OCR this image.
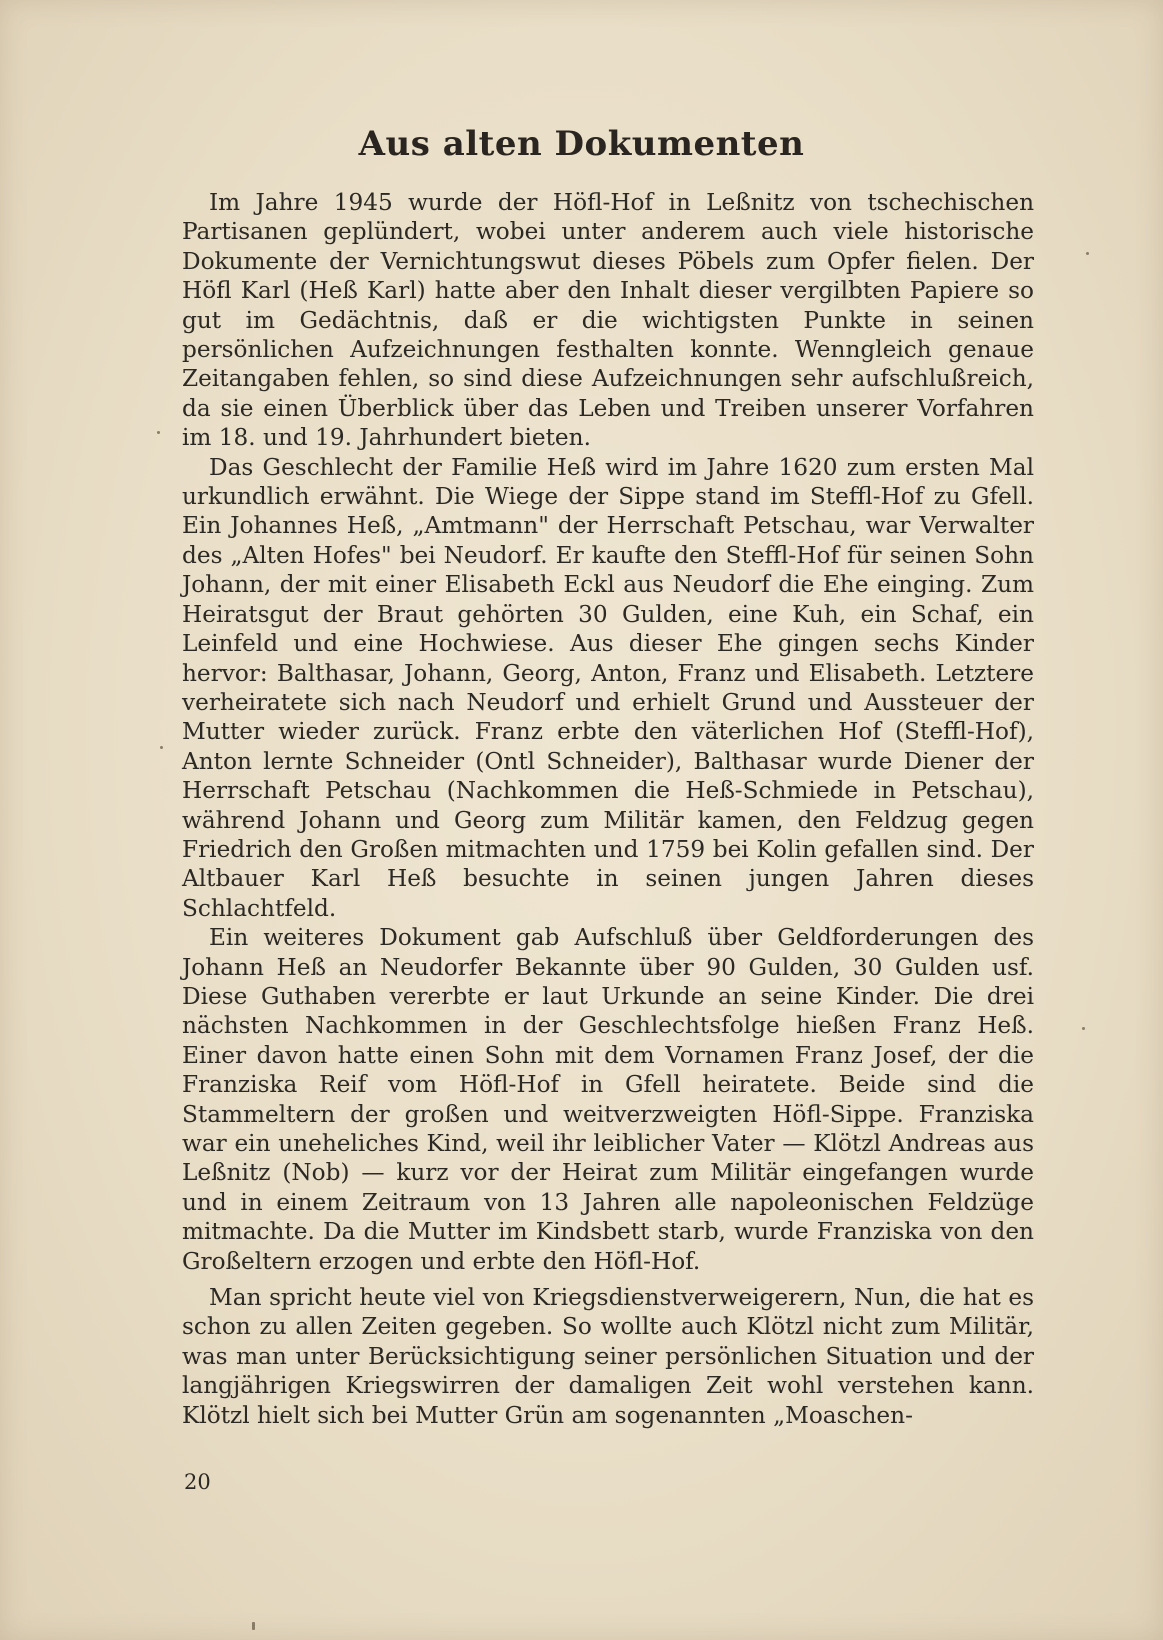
Aus alten Dokumenten

Im Jahre 1945 wurde der Höfl-Hof in Leßnitz von tschechischen Partisanen geplündert, wobei unter anderem auch viele historische Dokumente der Vernichtungswut dieses Pöbels zum Opfer fielen. Der Höfl Karl (Heß Karl) hatte aber den Inhalt dieser vergilbten Papiere so gut im Gedächtnis, daß er die wichtigsten Punkte in seinen persönlichen Aufzeichnungen festhalten konnte. Wenngleich genaue Zeitangaben fehlen, so sind diese Aufzeichnungen sehr aufschlußreich, da sie einen Überblick über das Leben und Treiben unserer Vorfahren im 18. und 19. Jahrhundert bieten.

Das Geschlecht der Familie Heß wird im Jahre 1620 zum ersten Mal urkundlich erwähnt. Die Wiege der Sippe stand im Steffl-Hof zu Gfell. Ein Johannes Heß, „Amtmann" der Herrschaft Petschau, war Verwalter des „Alten Hofes" bei Neudorf. Er kaufte den Steffl-Hof für seinen Sohn Johann, der mit einer Elisabeth Eckl aus Neudorf die Ehe einging. Zum Heiratsgut der Braut gehörten 30 Gulden, eine Kuh, ein Schaf, ein Leinfeld und eine Hochwiese. Aus dieser Ehe gingen sechs Kinder hervor: Balthasar, Johann, Georg, Anton, Franz und Elisabeth. Letztere verheiratete sich nach Neudorf und erhielt Grund und Aussteuer der Mutter wieder zurück. Franz erbte den väterlichen Hof (Steffl-Hof), Anton lernte Schneider (Ontl Schneider), Balthasar wurde Diener der Herrschaft Petschau (Nachkommen die Heß-Schmiede in Petschau), während Johann und Georg zum Militär kamen, den Feldzug gegen Friedrich den Großen mitmachten und 1759 bei Kolin gefallen sind. Der Altbauer Karl Heß besuchte in seinen jungen Jahren dieses Schlachtfeld.

Ein weiteres Dokument gab Aufschluß über Geldforderungen des Johann Heß an Neudorfer Bekannte über 90 Gulden, 30 Gulden usf. Diese Guthaben vererbte er laut Urkunde an seine Kinder. Die drei nächsten Nachkommen in der Geschlechtsfolge hießen Franz Heß. Einer davon hatte einen Sohn mit dem Vornamen Franz Josef, der die Franziska Reif vom Höfl-Hof in Gfell heiratete. Beide sind die Stammeltern der großen und weitverzweigten Höfl-Sippe. Franziska war ein uneheliches Kind, weil ihr leiblicher Vater — Klötzl Andreas aus Leßnitz (Nob) — kurz vor der Heirat zum Militär eingefangen wurde und in einem Zeitraum von 13 Jahren alle napoleonischen Feldzüge mitmachte. Da die Mutter im Kindsbett starb, wurde Franziska von den Großeltern erzogen und erbte den Höfl-Hof.

Man spricht heute viel von Kriegsdienstverweigerern, Nun, die hat es schon zu allen Zeiten gegeben. So wollte auch Klötzl nicht zum Militär, was man unter Berücksichtigung seiner persönlichen Situation und der langjährigen Kriegswirren der damaligen Zeit wohl verstehen kann. Klötzl hielt sich bei Mutter Grün am sogenannten „Moaschen-

20
